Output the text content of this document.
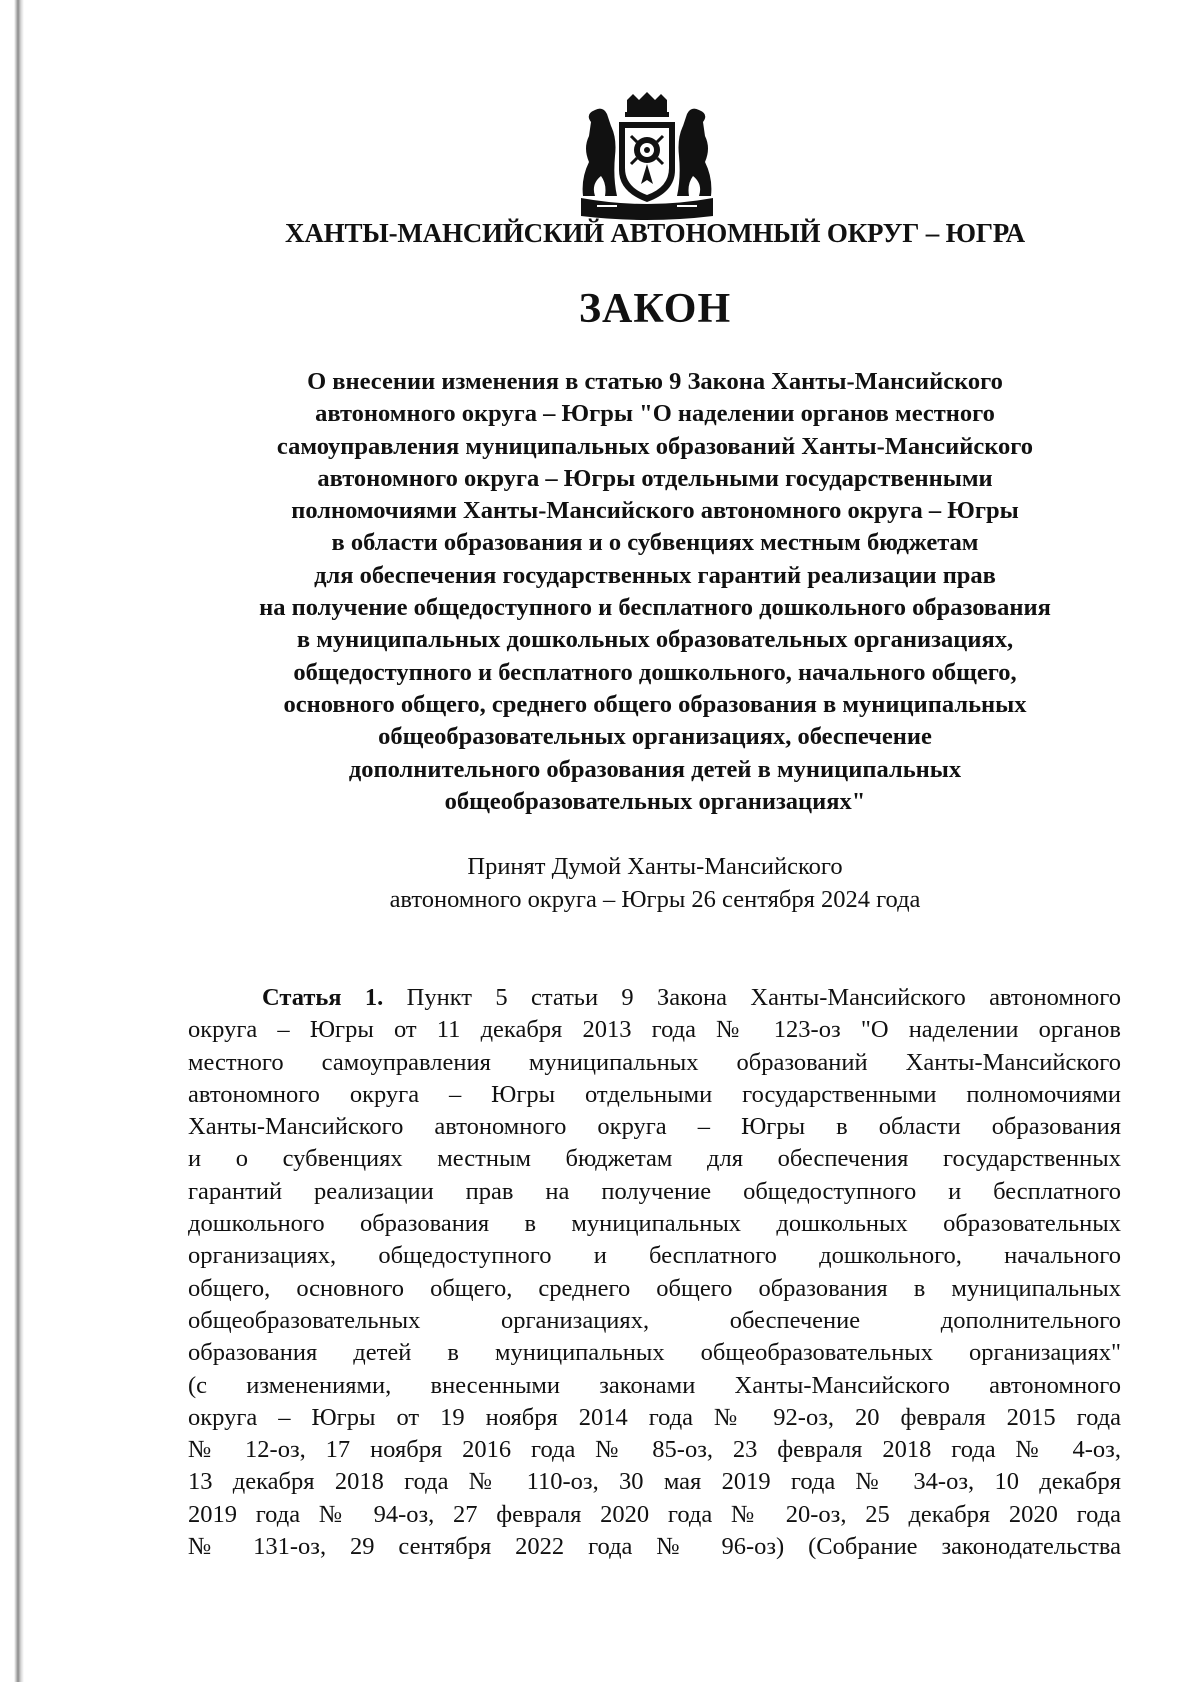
ХАНТЫ-МАНСИЙСКИЙ АВТОНОМНЫЙ ОКРУГ – ЮГРА
ЗАКОН
О внесении изменения в статью 9 Закона Ханты-Мансийского
автономного округа – Югры "О наделении органов местного
самоуправления муниципальных образований Ханты-Мансийского
автономного округа – Югры отдельными государственными
полномочиями Ханты-Мансийского автономного округа – Югры
в области образования и о субвенциях местным бюджетам
для обеспечения государственных гарантий реализации прав
на получение общедоступного и бесплатного дошкольного образования
в муниципальных дошкольных образовательных организациях,
общедоступного и бесплатного дошкольного, начального общего,
основного общего, среднего общего образования в муниципальных
общеобразовательных организациях, обеспечение
дополнительного образования детей в муниципальных
общеобразовательных организациях"
Принят Думой Ханты-Мансийского
автономного округа – Югры 26 сентября 2024 года
Статья 1. Пункт 5 статьи 9 Закона Ханты-Мансийского автономного
округа – Югры от 11 декабря 2013 года № 123-оз "О наделении органов
местного самоуправления муниципальных образований Ханты-Мансийского
автономного округа – Югры отдельными государственными полномочиями
Ханты-Мансийского автономного округа – Югры в области образования
и о субвенциях местным бюджетам для обеспечения государственных
гарантий реализации прав на получение общедоступного и бесплатного
дошкольного образования в муниципальных дошкольных образовательных
организациях, общедоступного и бесплатного дошкольного, начального
общего, основного общего, среднего общего образования в муниципальных
общеобразовательных организациях, обеспечение дополнительного
образования детей в муниципальных общеобразовательных организациях"
(с изменениями, внесенными законами Ханты-Мансийского автономного
округа – Югры от 19 ноября 2014 года № 92-оз, 20 февраля 2015 года
№ 12-оз, 17 ноября 2016 года № 85-оз, 23 февраля 2018 года № 4-оз,
13 декабря 2018 года № 110-оз, 30 мая 2019 года № 34-оз, 10 декабря
2019 года № 94-оз, 27 февраля 2020 года № 20-оз, 25 декабря 2020 года
№ 131-оз, 29 сентября 2022 года № 96-оз) (Собрание законодательства
